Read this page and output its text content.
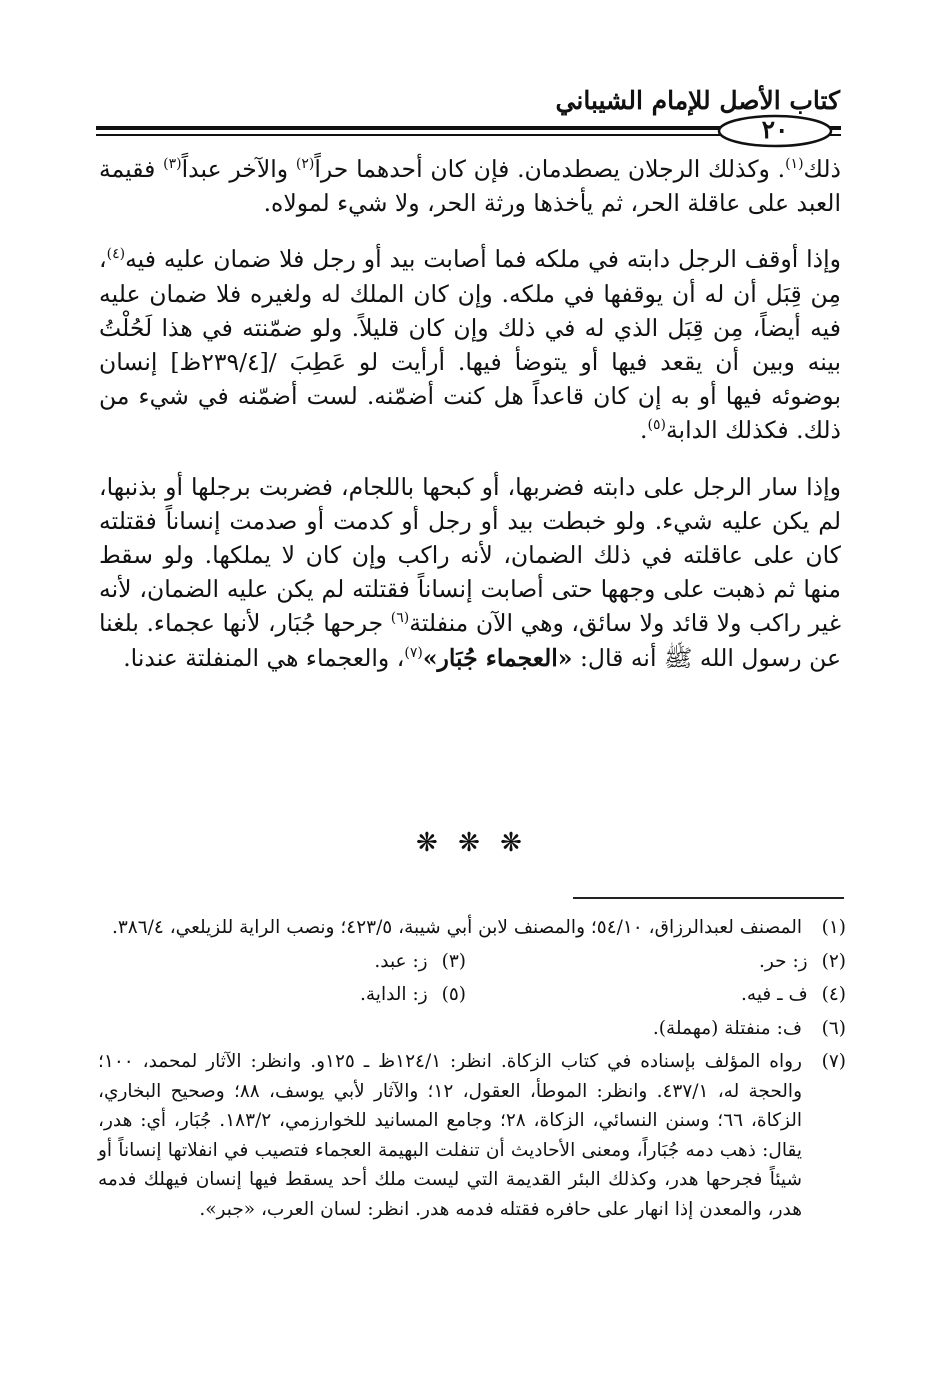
كتاب الأصل للإمام الشيباني
٢٠

ذلك$^{(١)}$. وكذلك الرجلان يصطدمان. فإن كان أحدهما حراً$^{(٢)}$ والآخر عبداً$^{(٣)}$ فقيمة العبد على عاقلة الحر، ثم يأخذها ورثة الحر، ولا شيء لمولاه.

وإذا أوقف الرجل دابته في ملكه فما أصابت بيد أو رجل فلا ضمان عليه فيه$^{(٤)}$، مِن قِبَل أن له أن يوقفها في ملكه. وإن كان الملك له ولغيره فلا ضمان عليه فيه أيضاً، مِن قِبَل الذي له في ذلك وإن كان قليلاً. ولو ضمّنته في هذا لَحُلْتُ بينه وبين أن يقعد فيها أو يتوضأ فيها. أرأيت لو عَطِبَ /[٢٣٩/٤ظ] إنسان بوضوئه فيها أو به إن كان قاعداً هل كنت أضمّنه. لست أضمّنه في شيء من ذلك. فكذلك الدابة$^{(٥)}$.

وإذا سار الرجل على دابته فضربها، أو كبحها باللجام، فضربت برجلها أو بذنبها، لم يكن عليه شيء. ولو خبطت بيد أو رجل أو كدمت أو صدمت إنساناً فقتلته كان على عاقلته في ذلك الضمان، لأنه راكب وإن كان لا يملكها. ولو سقط منها ثم ذهبت على وجهها حتى أصابت إنساناً فقتلته لم يكن عليه الضمان، لأنه غير راكب ولا قائد ولا سائق، وهي الآن منفلتة$^{(٦)}$ جرحها جُبَار، لأنها عجماء. بلغنا عن رسول الله ﷺ أنه قال: «العجماء جُبَار»$^{(٧)}$، والعجماء هي المنفلتة عندنا.

❋ ❋ ❋
(١)
المصنف لعبدالرزاق، ٥٤/١٠؛ والمصنف لابن أبي شيبة، ٤٢٣/٥؛ ونصب الراية للزيلعي، ٣٨٦/٤.
(٢)ز: حر.
(٣)ز: عبد.
(٤)ف ـ فيه.
(٥)ز: الداية.
(٦)
ف: منفتلة (مهملة).
(٧)
رواه المؤلف بإسناده في كتاب الزكاة. انظر: ١٢٤/١ظ ـ ١٢٥و. وانظر: الآثار لمحمد، ١٠٠؛ والحجة له، ٤٣٧/١. وانظر: الموطأ، العقول، ١٢؛ والآثار لأبي يوسف، ٨٨؛ وصحيح البخاري، الزكاة، ٦٦؛ وسنن النسائي، الزكاة، ٢٨؛ وجامع المسانيد للخوارزمي، ١٨٣/٢. جُبَار، أي: هدر، يقال: ذهب دمه جُبَاراً، ومعنى الأحاديث أن تنفلت البهيمة العجماء فتصيب في انفلاتها إنساناً أو شيئاً فجرحها هدر، وكذلك البئر القديمة التي ليست ملك أحد يسقط فيها إنسان فيهلك فدمه هدر، والمعدن إذا انهار على حافره فقتله فدمه هدر. انظر: لسان العرب، «جبر».
